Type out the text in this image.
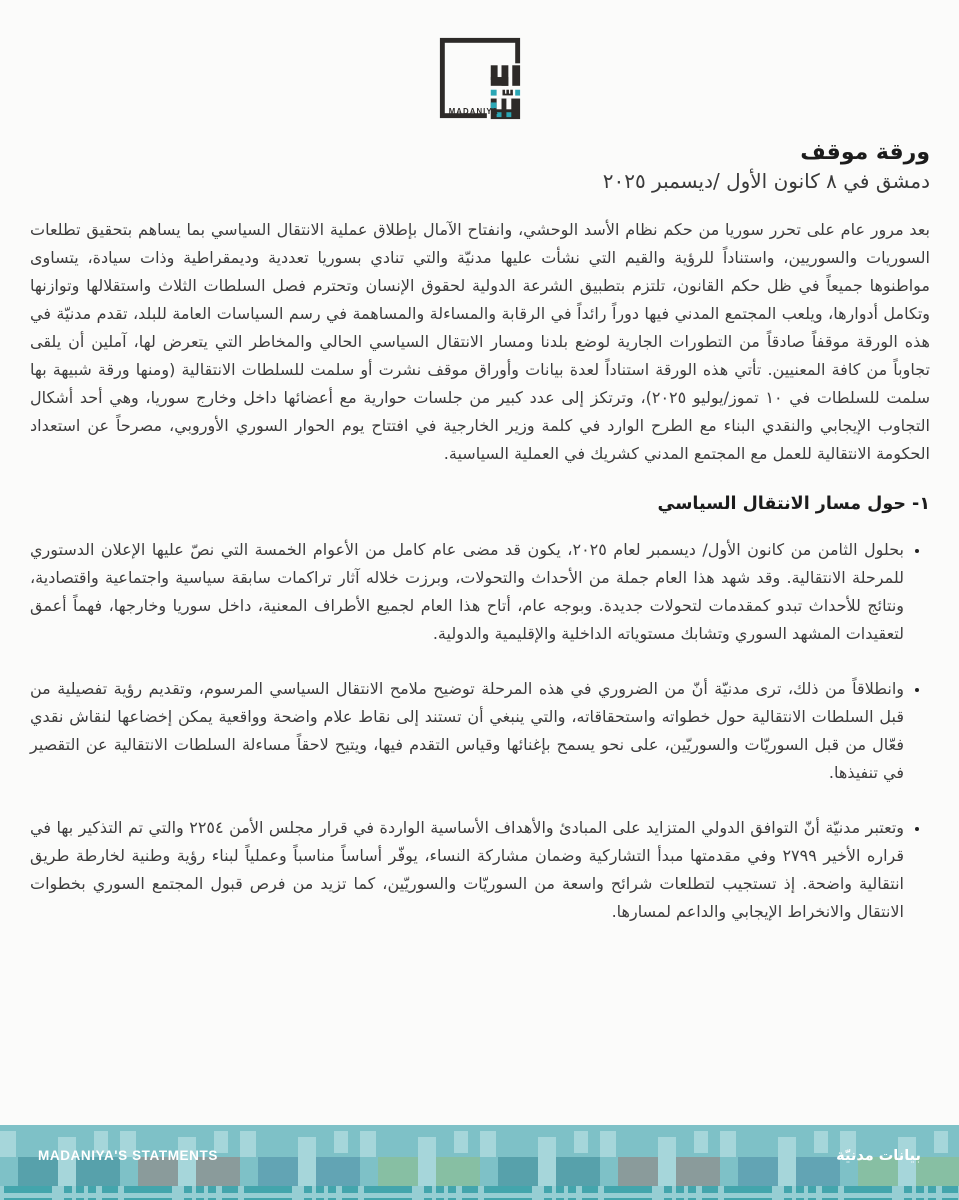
MADANIYA
ورقة موقف
دمشق في ٨ كانون الأول /ديسمبر ٢٠٢٥

بعد مرور عام على تحرر سوريا من حكم نظام الأسد الوحشي، وانفتاح الآمال بإطلاق عملية الانتقال السياسي بما يساهم بتحقيق تطلعات السوريات والسوريين، واستناداً للرؤية والقيم التي نشأت عليها مدنيّة والتي تنادي بسوريا تعددية وديمقراطية وذات سيادة، يتساوى مواطنوها جميعاً في ظل حكم القانون، تلتزم بتطبيق الشرعة الدولية لحقوق الإنسان وتحترم فصل السلطات الثلاث واستقلالها وتوازنها وتكامل أدوارها، ويلعب المجتمع المدني فيها دوراً رائداً في الرقابة والمساءلة والمساهمة في رسم السياسات العامة للبلد، تقدم مدنيّة في هذه الورقة موقفاً صادقاً من التطورات الجارية لوضع بلدنا ومسار الانتقال السياسي الحالي والمخاطر التي يتعرض لها، آملين أن يلقى تجاوباً من كافة المعنيين. تأتي هذه الورقة استناداً لعدة بيانات وأوراق موقف نشرت أو سلمت للسلطات الانتقالية (ومنها ورقة شبيهة بها سلمت للسلطات في ١٠ تموز/يوليو ٢٠٢٥)، وترتكز إلى عدد كبير من جلسات حوارية مع أعضائها داخل وخارج سوريا، وهي أحد أشكال التجاوب الإيجابي والنقدي البناء مع الطرح الوارد في كلمة وزير الخارجية في افتتاح يوم الحوار السوري الأوروبي، مصرحاً عن استعداد الحكومة الانتقالية للعمل مع المجتمع المدني كشريك في العملية السياسية.

١- حول مسار الانتقال السياسي
• بحلول الثامن من كانون الأول/ ديسمبر لعام ٢٠٢٥، يكون قد مضى عام كامل من الأعوام الخمسة التي نصّ عليها الإعلان الدستوري للمرحلة الانتقالية. وقد شهد هذا العام جملة من الأحداث والتحولات، وبرزت خلاله آثار تراكمات سابقة سياسية واجتماعية واقتصادية، ونتائج للأحداث تبدو كمقدمات لتحولات جديدة. وبوجه عام، أتاح هذا العام لجميع الأطراف المعنية، داخل سوريا وخارجها، فهماً أعمق لتعقيدات المشهد السوري وتشابك مستوياته الداخلية والإقليمية والدولية.
• وانطلاقاً من ذلك، ترى مدنيّة أنّ من الضروري في هذه المرحلة توضيح ملامح الانتقال السياسي المرسوم، وتقديم رؤية تفصيلية من قبل السلطات الانتقالية حول خطواته واستحقاقاته، والتي ينبغي أن تستند إلى نقاط علام واضحة وواقعية يمكن إخضاعها لنقاش نقدي فعّال من قبل السوريّات والسوريّين، على نحو يسمح بإغنائها وقياس التقدم فيها، ويتيح لاحقاً مساءلة السلطات الانتقالية عن التقصير في تنفيذها.
• وتعتبر مدنيّة أنّ التوافق الدولي المتزايد على المبادئ والأهداف الأساسية الواردة في قرار مجلس الأمن ٢٢٥٤ والتي تم التذكير بها في قراره الأخير ٢٧٩٩ وفي مقدمتها مبدأ التشاركية وضمان مشاركة النساء، يوفّر أساساً مناسباً وعملياً لبناء رؤية وطنية لخارطة طريق انتقالية واضحة. إذ تستجيب لتطلعات شرائح واسعة من السوريّات والسوريّين، كما تزيد من فرص قبول المجتمع السوري بخطوات الانتقال والانخراط الإيجابي والداعم لمسارها.
MADANIYA'S STATMENTS	بيانات مدنيّة
